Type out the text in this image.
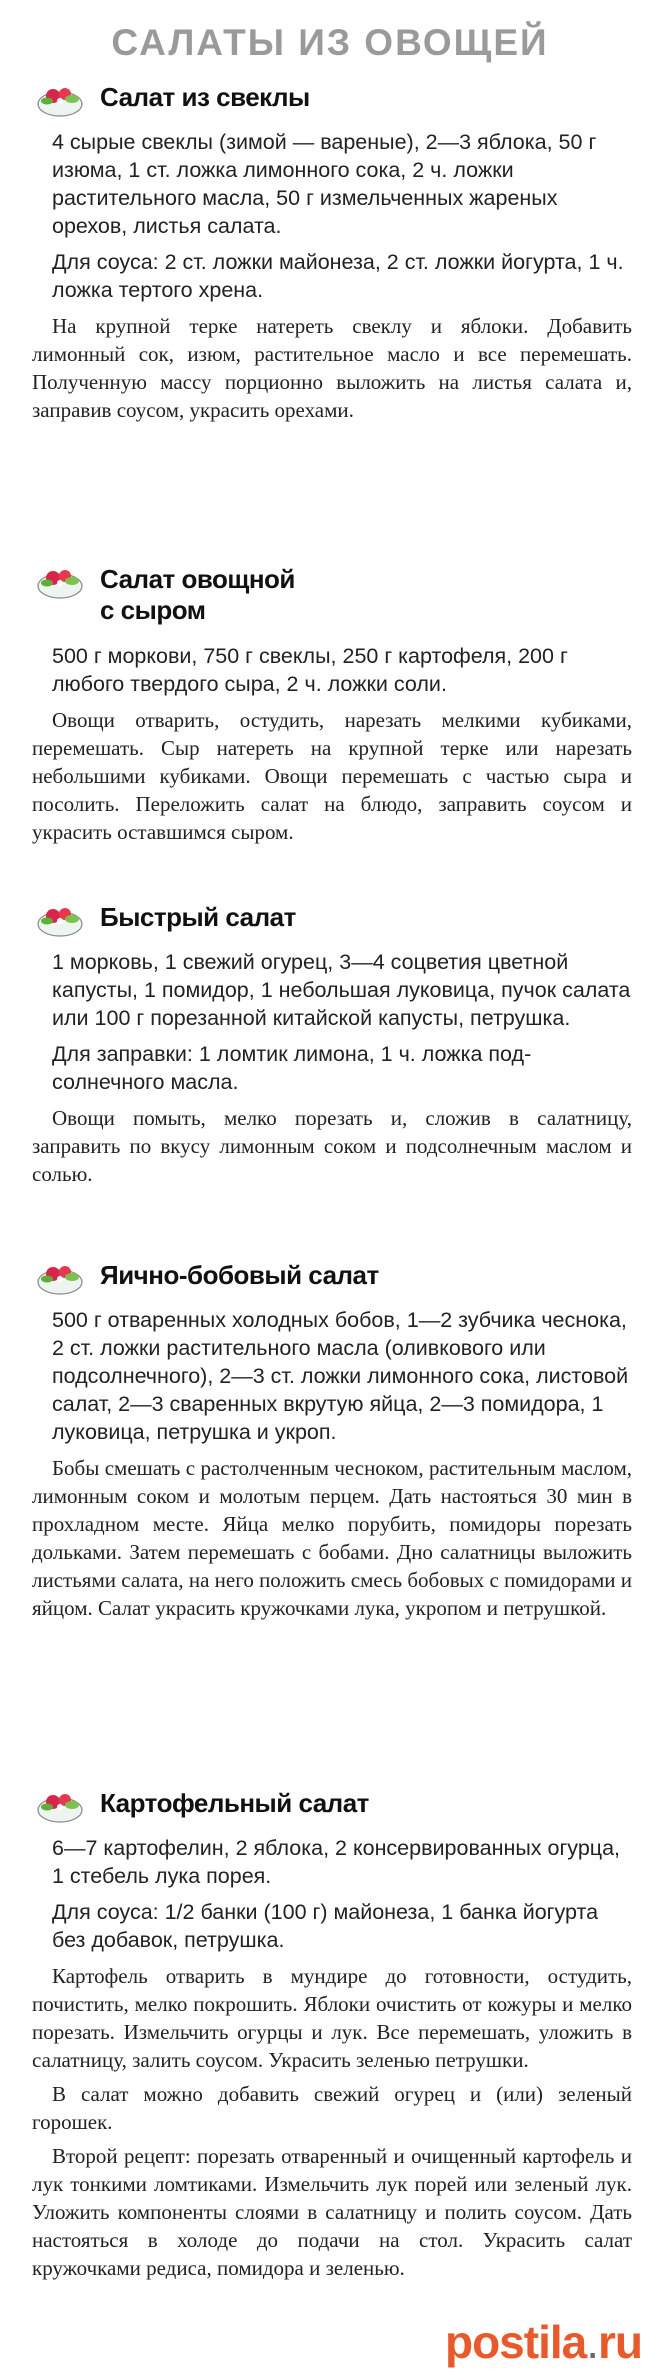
САЛАТЫ ИЗ ОВОЩЕЙ
Салат из свеклы
4 сырые свеклы (зимой — вареные), 2—3 яблока, 50 г изюма, 1 ст. ложка лимонного сока, 2 ч. ложки растительного масла, 50 г измельченных жареных орехов, листья салата.
Для соуса: 2 ст. ложки майонеза, 2 ст. ложки йогурта, 1 ч. ложка тертого хрена.
На крупной терке натереть свеклу и яблоки. Добавить лимонный сок, изюм, растительное масло и все перемешать. Полученную массу порционно выложить на листья салата и, заправив соусом, украсить орехами.
Салат овощной
с сыром
500 г моркови, 750 г свеклы, 250 г картофеля, 200 г любого твердого сыра, 2 ч. ложки соли.
Овощи отварить, остудить, нарезать мелкими кубиками, перемешать. Сыр натереть на крупной терке или нарезать небольшими кубиками. Овощи перемешать с частью сыра и посолить. Переложить салат на блюдо, заправить соусом и украсить оставшимся сыром.
Быстрый салат
1 морковь, 1 свежий огурец, 3—4 соцветия цветной капусты, 1 помидор, 1 небольшая луковица, пучок салата или 100 г порезанной китайской капусты, петрушка.
Для заправки: 1 ломтик лимона, 1 ч. ложка подсолнечного масла.
Овощи помыть, мелко порезать и, сложив в салатницу, заправить по вкусу лимонным соком и подсолнечным маслом и солью.
Яично-бобовый салат
500 г отваренных холодных бобов, 1—2 зубчика чеснока, 2 ст. ложки растительного масла (оливкового или подсолнечного), 2—3 ст. ложки лимонного сока, листовой салат, 2—3 сваренных вкрутую яйца, 2—3 помидора, 1 луковица, петрушка и укроп.
Бобы смешать с растолченным чесноком, растительным маслом, лимонным соком и молотым перцем. Дать настояться 30 мин в прохладном месте. Яйца мелко порубить, помидоры порезать дольками. Затем перемешать с бобами. Дно салатницы выложить листьями салата, на него положить смесь бобовых с помидорами и яйцом. Салат украсить кружочками лука, укропом и петрушкой.
Картофельный салат
6—7 картофелин, 2 яблока, 2 консервированных огурца, 1 стебель лука порея.
Для соуса: 1/2 банки (100 г) майонеза, 1 банка йогурта без добавок, петрушка.
Картофель отварить в мундире до готовности, остудить, почистить, мелко покрошить. Яблоки очистить от кожуры и мелко порезать. Измельчить огурцы и лук. Все перемешать, уложить в салатницу, залить соусом. Украсить зеленью петрушки.
В салат можно добавить свежий огурец и (или) зеленый горошек.
Второй рецепт: порезать отваренный и очищенный картофель и лук тонкими ломтиками. Измельчить лук порей или зеленый лук. Уложить компоненты слоями в салатницу и полить соусом. Дать настояться в холоде до подачи на стол. Украсить салат кружочками редиса, помидора и зеленью.
postila.ru
